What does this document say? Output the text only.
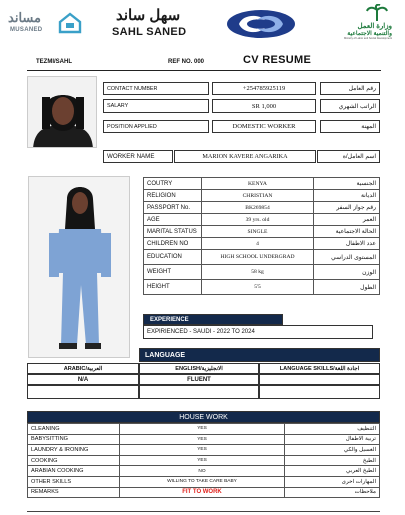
مساند
MUSANED
سهل ساند
SAHL SANED	وزارة العمل
والتنمية الاجتماعية
Ministry of Labor and Social Development
TEZMI/SAHL	REF NO. 000	CV RESUME
CONTACT NUMBER	+254785925119	رقم العامل
SALARY	SR 1,000	الراتب الشهري
POSITION APPLIED	DOMESTIC WORKER	المهنة
WORKER NAME	MARION KAVERE ANGARIKA	اسم العامل/ة
COUTRY	KENYA	الجنسية
RELIGION	CHRISTIAN	الديانة
PASSPORT No.	BK269854	رقم جواز السفر
AGE	39 yrs. old	العمر
MARITAL STATUS	SINGLE	الحالة الاجتماعية
CHILDREN NO	4	عدد الاطفال
EDUCATION	HIGH SCHOOL UNDERGRAD	المستوى الدراسي
WEIGHT	58 kg	الوزن
HEIGHT	5'5	الطول
EXPERIENCE
EXPIRIENCED - SAUDI - 2022 TO 2024
LANGUAGE
ARABIC/العربية	ENGLISH/الانجليزية	LANGUAGE SKILLS/اجادة اللغة
N/A	FLUENT
HOUSE WORK
CLEANING	YES	التنظيف
BABYSITTING	YES	تربية الاطفال
LAUNDRY & IRONING	YES	الغسيل والكي
COOKING	YES	الطبخ
ARABIAN COOKING	NO	الطبخ العربي
OTHER SKILLS	WILLING TO TAKE CARE BABY	المهارات اخرى
REMARKS	FIT TO WORK	ملاحظات
